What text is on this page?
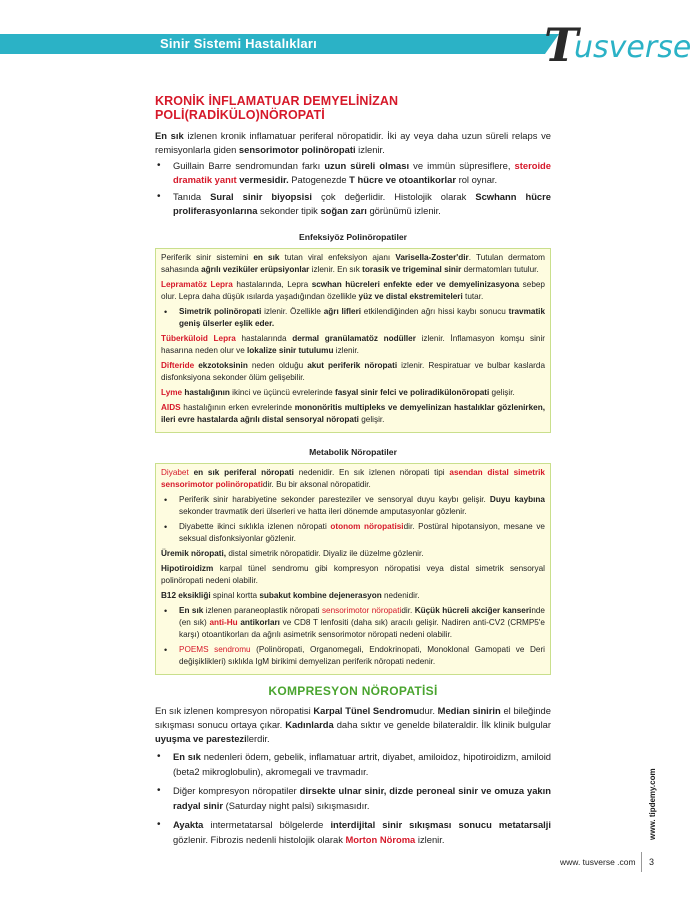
Sinir Sistemi Hastalıkları	T
usverse
KRONİK İNFLAMATUAR DEMYELİNİZAN POLİ(RADİKÜLO)NÖROPATİ

En sık izlenen kronik inflamatuar periferal nöropatidir. İki ay veya daha uzun süreli relaps ve remisyonlarla giden sensorimotor polinöropati izlenir.

• Guillain Barre sendromundan farkı uzun süreli olması ve immün süpresiflere, steroide dramatik yanıt vermesidir. Patogenezde T hücre ve otoantikorlar rol oynar.
• Tanıda Sural sinir biyopsisi çok değerlidir. Histolojik olarak Scwhann hücre proliferasyonlarına sekonder tipik soğan zarı görünümü izlenir.
Enfeksiyöz Polinöropatiler

Periferik sinir sistemini en sık tutan viral enfeksiyon ajanı Varisella-Zoster'dir. Tutulan dermatom sahasında ağrılı veziküler erüpsiyonlar izlenir. En sık torasik ve trigeminal sinir dermatomları tutulur.

Lepramatöz Lepra hastalarında, Lepra scwhan hücreleri enfekte eder ve demyelinizasyona sebep olur. Lepra daha düşük ısılarda yaşadığından özellikle yüz ve distal ekstremiteleri tutar.

• Simetrik polinöropati izlenir. Özellikle ağrı lifleri etkilendiğinden ağrı hissi kaybı sonucu travmatik geniş ülserler eşlik eder.

Tüberküloid Lepra hastalarında dermal granülamatöz nodüller izlenir. İnflamasyon komşu sinir hasarına neden olur ve lokalize sinir tutulumu izlenir.

Difteride ekzotoksinin neden olduğu akut periferik nöropati izlenir. Respiratuar ve bulbar kaslarda disfonksiyona sekonder ölüm gelişebilir.

Lyme hastalığının ikinci ve üçüncü evrelerinde fasyal sinir felci ve poliradikülonöropati gelişir.

AIDS hastalığının erken evrelerinde mononöritis multipleks ve demyelinizan hastalıklar gözlenirken, ileri evre hastalarda ağrılı distal sensoryal nöropati gelişir.

Metabolik Nöropatiler

Diyabet en sık periferal nöropati nedenidir. En sık izlenen nöropati tipi asendan distal simetrik sensorimotor polinöropatidir. Bu bir aksonal nöropatidir.

• Periferik sinir harabiyetine sekonder paresteziler ve sensoryal duyu kaybı gelişir. Duyu kaybına sekonder travmatik deri ülserleri ve hatta ileri dönemde amputasyonlar gözlenir.
• Diyabette ikinci sıklıkla izlenen nöropati otonom nöropatisidir. Postüral hipotansiyon, mesane ve seksual disfonksiyonlar gözlenir.

Üremik nöropati, distal simetrik nöropatidir. Diyaliz ile düzelme gözlenir.

Hipotiroidizm karpal tünel sendromu gibi kompresyon nöropatisi veya distal simetrik sensoryal polinöropati nedeni olabilir.

B12 eksikliği spinal kortta subakut kombine dejenerasyon nedenidir.

• En sık izlenen paraneoplastik nöropati sensorimotor nöropatidir. Küçük hücreli akciğer kanserinde (en sık) anti-Hu antikorları ve CD8 T lenfositi (daha sık) aracılı gelişir. Nadiren anti-CV2 (CRMP5'e karşı) otoantikorları da ağrılı asimetrik sensorimotor nöropati nedeni olabilir.
• POEMS sendromu (Polinöropati, Organomegali, Endokrinopati, Monoklonal Gamopati ve Deri değişiklikleri) sıklıkla IgM birikimi demyelizan periferik nöropati nedenir.
KOMPRESYON NÖROPATİSİ

En sık izlenen kompresyon nöropatisi Karpal Tünel Sendromudur. Median sinirin el bileğinde sıkışması sonucu ortaya çıkar. Kadınlarda daha sıktır ve genelde bilateraldir. İlk klinik bulgular uyuşma ve parestezilerdir.

• En sık nedenleri ödem, gebelik, inflamatuar artrit, diyabet, amiloidoz, hipotiroidizm, amiloid (beta2 mikroglobulin), akromegali ve travmadır.
• Diğer kompresyon nöropatiler dirsekte ulnar sinir, dizde peroneal sinir ve omuza yakın radyal sinir (Saturday night palsi) sıkışmasıdır.
• Ayakta intermetatarsal bölgelerde interdijital sinir sıkışması sonucu metatarsalji gözlenir. Fibrozis nedenli histolojik olarak Morton Nöroma izlenir.	www. tipdemy.com
www. tusverse .com 3
